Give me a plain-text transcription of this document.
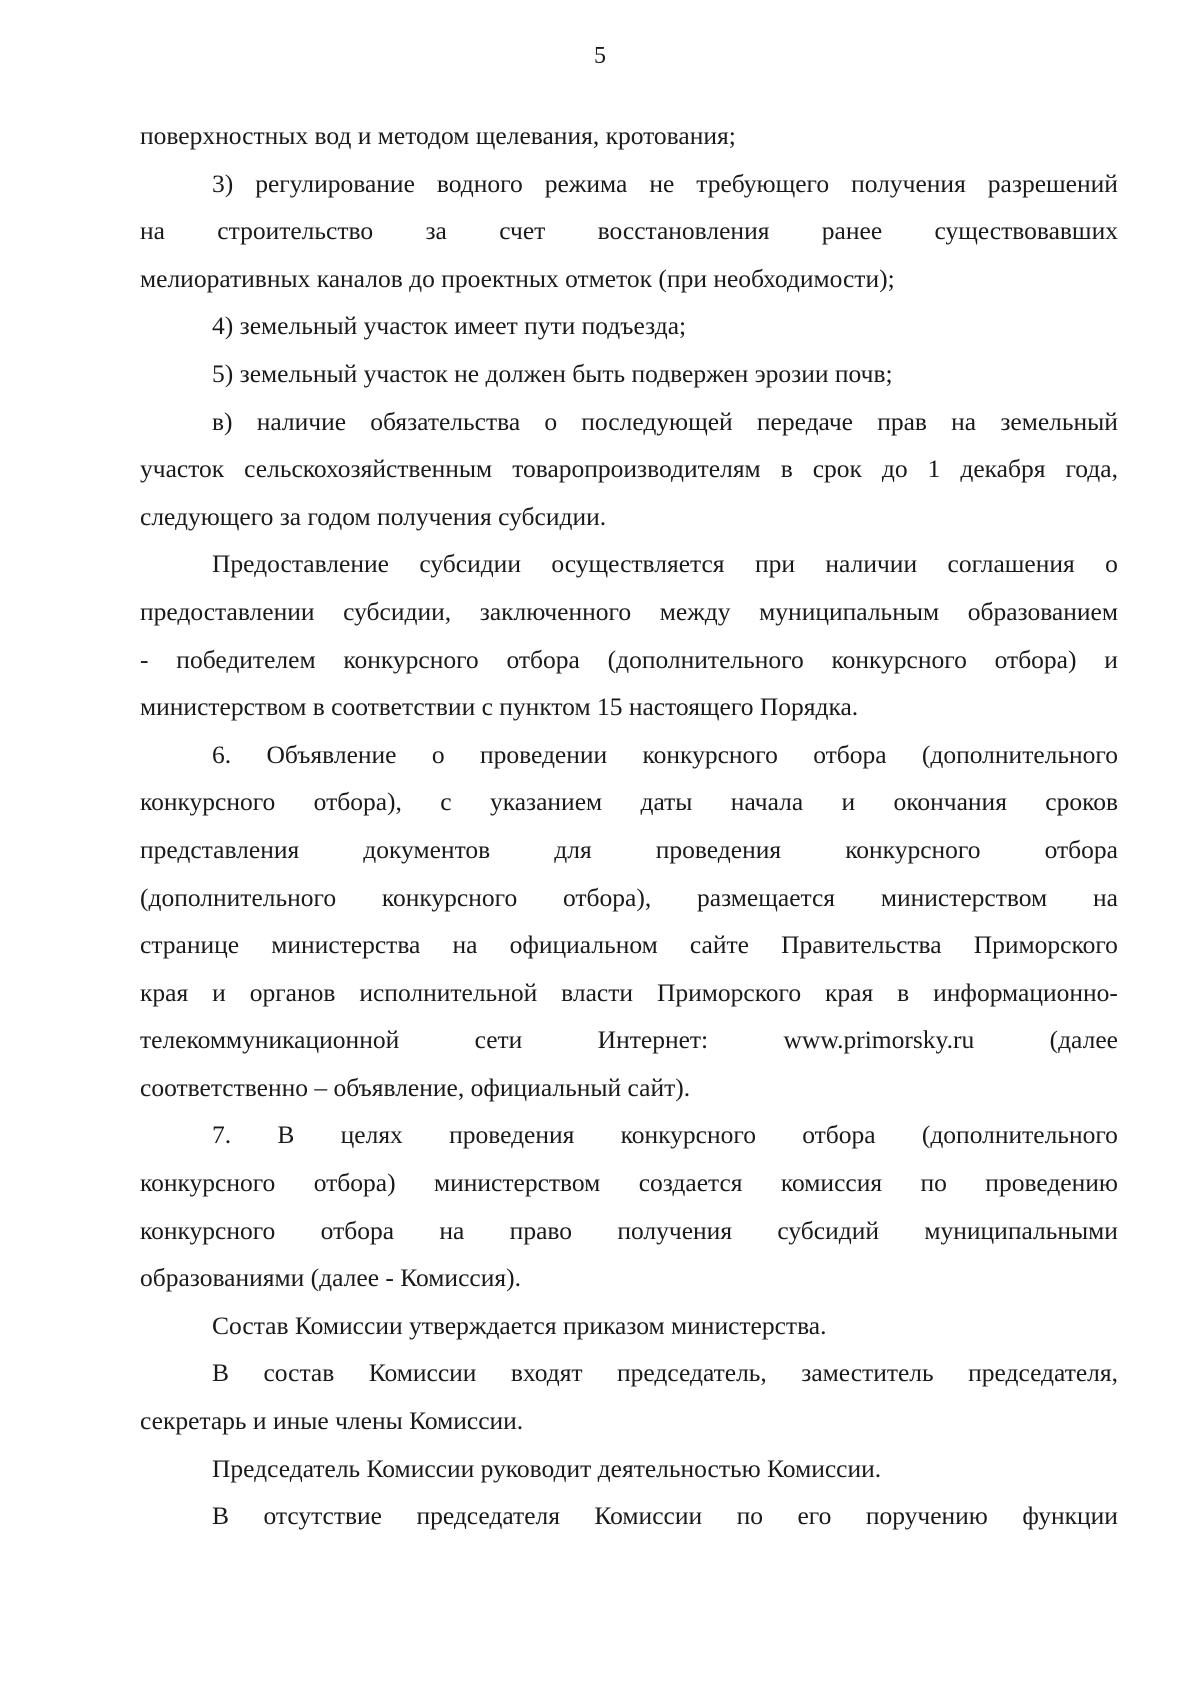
5
поверхностных вод и методом щелевания, кротования;
3) регулирование водного режима не требующего получения разрешений
на строительство за счет восстановления ранее существовавших
мелиоративных каналов до проектных отметок (при необходимости);
4) земельный участок имеет пути подъезда;
5) земельный участок не должен быть подвержен эрозии почв;
в) наличие обязательства о последующей передаче прав на земельный
участок сельскохозяйственным товаропроизводителям в срок до 1 декабря года,
следующего за годом получения субсидии.
Предоставление субсидии осуществляется при наличии соглашения о
предоставлении субсидии, заключенного между муниципальным образованием
- победителем конкурсного отбора (дополнительного конкурсного отбора) и
министерством в соответствии с пунктом 15 настоящего Порядка.
6. Объявление о проведении конкурсного отбора (дополнительного
конкурсного отбора), с указанием даты начала и окончания сроков
представления	документов	для	проведения	конкурсного	отбора
(дополнительного конкурсного отбора), размещается министерством на
странице министерства на официальном сайте Правительства Приморского
края и органов исполнительной власти Приморского края в информационно-
телекоммуникационной	сети	Интернет:	www.primorsky.ru	(далее
соответственно – объявление, официальный сайт).
7. В целях проведения конкурсного отбора (дополнительного
конкурсного отбора) министерством создается комиссия по проведению
конкурсного отбора на право получения субсидий муниципальными
образованиями (далее - Комиссия).
Состав Комиссии утверждается приказом министерства.
В состав Комиссии входят председатель, заместитель председателя,
секретарь и иные члены Комиссии.
Председатель Комиссии руководит деятельностью Комиссии.
В отсутствие председателя Комиссии по его поручению функции
